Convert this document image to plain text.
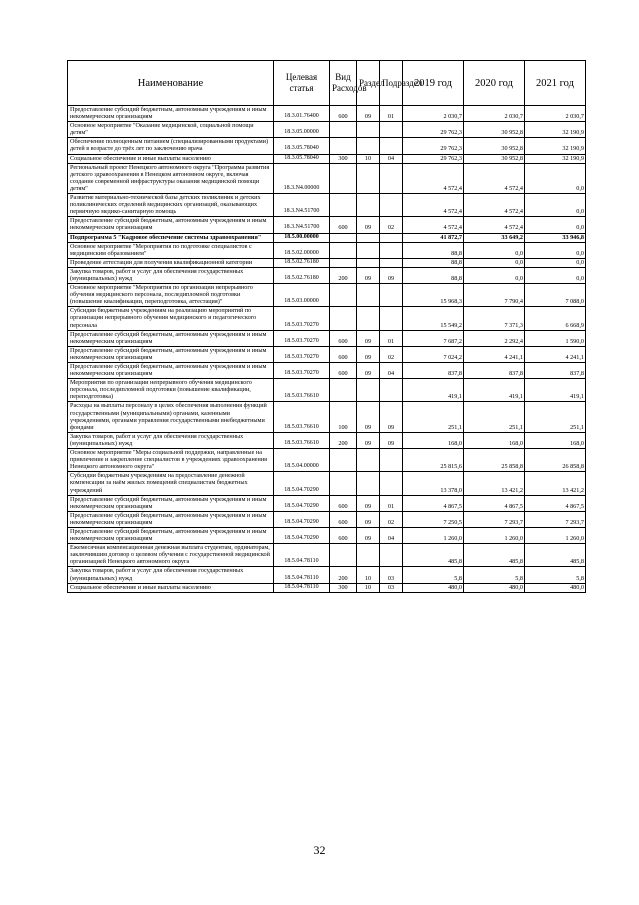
Наименование	Целевая статья	Вид Расходов	Раздел	Подраздел	2019 год	2020 год	2021 год
Предоставление субсидий бюджетным, автономным учреждениям и иным некоммерческим организациям	18.3.01.76400	600	09	01	2 030,7	2 030,7	2 030,7
Основное мероприятие "Оказание медицинской, социальной помощи детям"	18.3.05.00000				29 762,3	30 952,8	32 190,9
Обеспечение полноценным питанием (специализированными продуктами) детей в возрасте до трёх лет по заключению врача	18.3.05.78040				29 762,3	30 952,8	32 190,9
Социальное обеспечение и иные выплаты населению	18.3.05.78040	300	10	04	29 762,3	30 952,8	32 190,9
Региональный проект Ненецкого автономного округа "Программа развития детского здравоохранения в Ненецком автономном округе, включая создание современной инфраструктуры оказания медицинской помощи детям"	18.3.N4.00000				4 572,4	4 572,4	0,0
Развитие материально-технической базы детских поликлиник и детских поликлинических отделений медицинских организаций, оказывающих первичную медико-санитарную помощь	18.3.N4.51700				4 572,4	4 572,4	0,0
Предоставление субсидий бюджетным, автономным учреждениям и иным некоммерческим организациям	18.3.N4.51700	600	09	02	4 572,4	4 572,4	0,0
Подпрограмма 5 "Кадровое обеспечение системы здравоохранения"	18.5.00.00000				41 872,7	33 649,2	33 946,8
Основное мероприятие "Мероприятия по подготовке специалистов с медицинским образованием"	18.5.02.00000				88,8	0,0	0,0
Проведение аттестации для получения квалификационной категории	18.5.02.76180				88,8	0,0	0,0
Закупка товаров, работ и услуг для обеспечения государственных (муниципальных) нужд	18.5.02.76180	200	09	09	88,8	0,0	0,0
Основное мероприятие "Мероприятия по организации непрерывного обучения медицинского персонала, последипломной подготовки (повышение квалификации, переподготовка, аттестация)"	18.5.03.00000				15 968,3	7 790,4	7 088,0
Субсидии бюджетным учреждениям на реализацию мероприятий по организации непрерывного обучения медицинского и педагогического персонала	18.5.03.70270				15 549,2	7 371,3	6 668,9
Предоставление субсидий бюджетным, автономным учреждениям и иным некоммерческим организациям	18.5.03.70270	600	09	01	7 687,2	2 292,4	1 590,0
Предоставление субсидий бюджетным, автономным учреждениям и иным некоммерческим организациям	18.5.03.70270	600	09	02	7 024,2	4 241,1	4 241,1
Предоставление субсидий бюджетным, автономным учреждениям и иным некоммерческим организациям	18.5.03.70270	600	09	04	837,8	837,8	837,8
Мероприятия по организации непрерывного обучения медицинского персонала, последипломной подготовки (повышение квалификации, переподготовка)	18.5.03.76610				419,1	419,1	419,1
Расходы на выплаты персоналу в целях обеспечения выполнения функций государственными (муниципальными) органами, казенными учреждениями, органами управления государственными внебюджетными фондами	18.5.03.76610	100	09	09	251,1	251,1	251,1
Закупка товаров, работ и услуг для обеспечения государственных (муниципальных) нужд	18.5.03.76610	200	09	09	168,0	168,0	168,0
Основное мероприятие "Меры социальной поддержки, направленные на привлечение и закрепление специалистов в учреждениях здравоохранения Ненецкого автономного округа"	18.5.04.00000				25 815,6	25 858,8	26 858,8
Субсидии бюджетным учреждениям на предоставление денежной компенсации за наём жилых помещений специалистам бюджетных учреждений	18.5.04.70290				13 378,0	13 421,2	13 421,2
Предоставление субсидий бюджетным, автономным учреждениям и иным некоммерческим организациям	18.5.04.70290	600	09	01	4 867,5	4 867,5	4 867,5
Предоставление субсидий бюджетным, автономным учреждениям и иным некоммерческим организациям	18.5.04.70290	600	09	02	7 250,5	7 293,7	7 293,7
Предоставление субсидий бюджетным, автономным учреждениям и иным некоммерческим организациям	18.5.04.70290	600	09	04	1 260,0	1 260,0	1 260,0
Ежемесячная компенсационная денежная выплата студентам, ординаторам, заключившим договор о целевом обучении с государственной медицинской организацией Ненецкого автономного округа	18.5.04.78110				485,8	485,8	485,8
Закупка товаров, работ и услуг для обеспечения государственных (муниципальных) нужд	18.5.04.78110	200	10	03	5,8	5,8	5,8
Социальное обеспечение и иные выплаты населению	18.5.04.78110	300	10	03	480,0	480,0	480,0
32
